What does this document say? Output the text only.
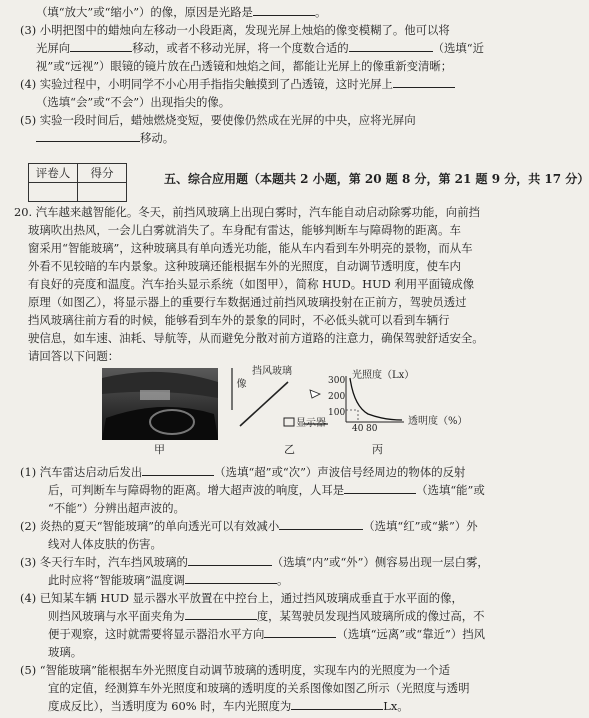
（填“放大”或“缩小”）的像，原因是光路是	。
(3) 小明把图中的蜡烛向左移动一小段距离，发现光屏上烛焰的像变模糊了。他可以将
光屏向	移动，或者不移动光屏，将一个度数合适的	（选填“近
视”或“远视”）眼镜的镜片放在凸透镜和烛焰之间，都能让光屏上的像重新变清晰；
(4) 实验过程中，小明同学不小心用手指指尖触摸到了凸透镜，这时光屏上
（选填“会”或“不会”）出现指尖的像。
(5) 实验一段时间后，蜡烛燃烧变短，要使像仍然成在光屏的中央，应将光屏向
移动。
评卷人	得分
		五、综合应用题（本题共 2 小题，第 20 题 8 分，第 21 题 9 分，共 17 分）
20. 汽车越来越智能化。冬天，前挡风玻璃上出现白雾时，汽车能自动启动除雾功能，向前挡
玻璃吹出热风，一会儿白雾就消失了。车身配有雷达，能够判断车与障碍物的距离。车
窗采用“智能玻璃”，这种玻璃具有单向透光功能，能从车内看到车外明亮的景物，而从车
外看不见较暗的车内景象。这种玻璃还能根据车外的光照度，自动调节透明度，使车内
有良好的亮度和温度。汽车抬头显示系统（如图甲），简称 HUD。HUD 利用平面镜成像
原理（如图乙），将显示器上的重要行车数据通过前挡风玻璃投射在正前方，驾驶员透过
挡风玻璃往前方看的时候，能够看到车外的景象的同时，不必低头就可以看到车辆行
驶信息，如车速、油耗、导航等，从而避免分散对前方道路的注意力，确保驾驶舒适安全。
请回答以下问题：
甲
像
挡风玻璃
显示器
乙
光照度（Lx）
300
200
100
透明度（%）
40 80
丙
(1) 汽车雷达启动后发出	（选填“超”或“次”）声波信号经周边的物体的反射
后，可判断车与障碍物的距离。增大超声波的响度，人耳是	（选填“能”或
“不能”）分辨出超声波的。
(2) 炎热的夏天“智能玻璃”的单向透光可以有效减小	（选填“红”或“紫”）外
线对人体皮肤的伤害。
(3) 冬天行车时，汽车挡风玻璃的	（选填“内”或“外”）侧容易出现一层白雾，
此时应将“智能玻璃”温度调	。
(4) 已知某车辆 HUD 显示器水平放置在中控台上，通过挡风玻璃成垂直于水平面的像，
则挡风玻璃与水平面夹角为	度，某驾驶员发现挡风玻璃所成的像过高，不
便于观察，这时就需要将显示器沿水平方向	（选填“远离”或“靠近”）挡风
玻璃。
(5) “智能玻璃”能根据车外光照度自动调节玻璃的透明度，实现车内的光照度为一个适
宜的定值，经测算车外光照度和玻璃的透明度的关系图像如图乙所示（光照度与透明
度成反比），当透明度为 60% 时，车内光照度为	Lx。
